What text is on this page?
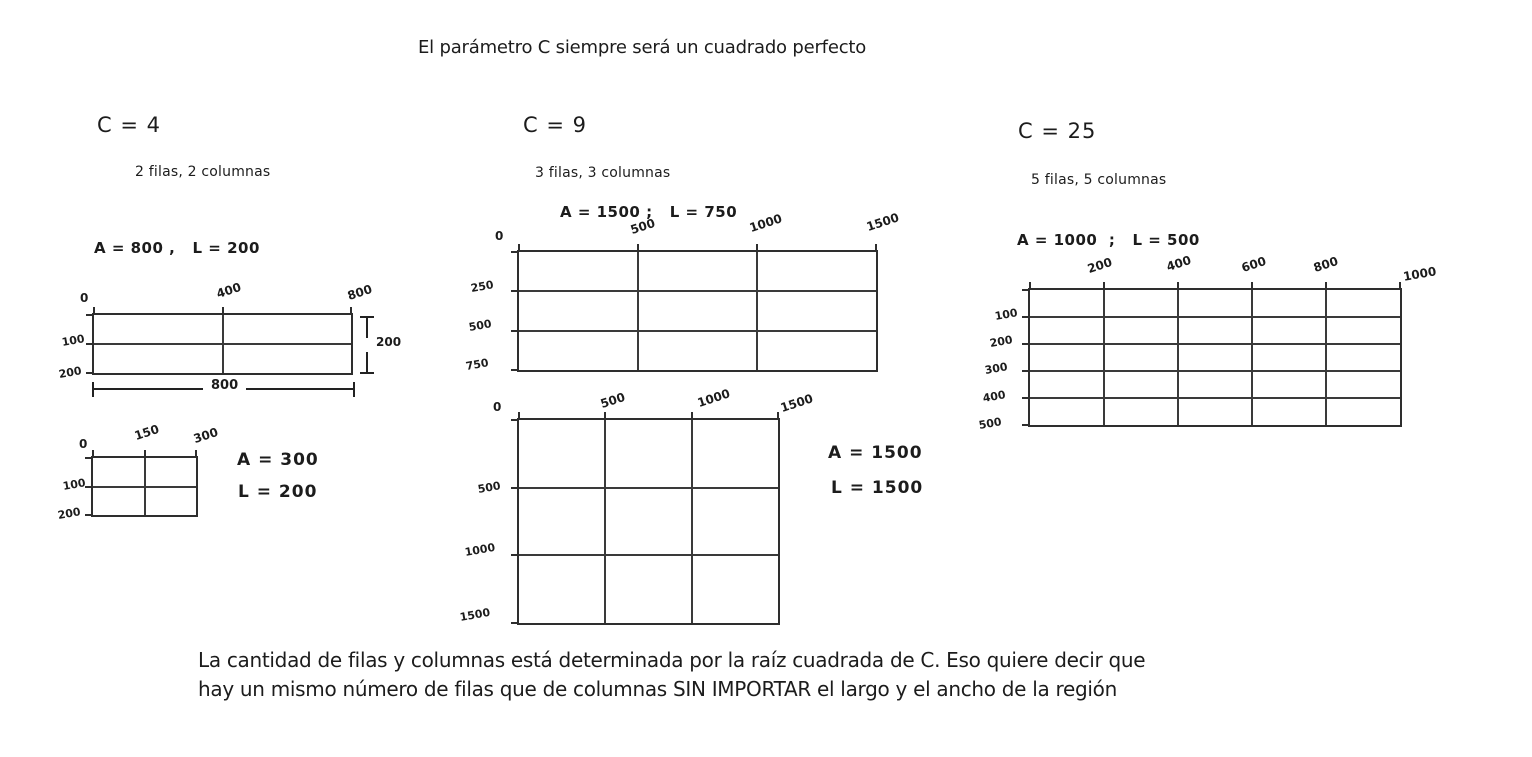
El parámetro C siempre será un cuadrado perfecto
C = 4
2 filas, 2 columnas
A = 800 ,   L = 200
0	400	800
100
200
200
800
0
150	300
100
200
A = 300
L = 200
C = 9
3 filas, 3 columnas
A = 1500 ;   L = 750
0	500	1000	1500
250
500
750
0	500	1000	1500
500
1000
1500
A = 1500
L = 1500
C = 25
5 filas, 5 columnas
A = 1000  ;   L = 500
200	400	600	800	1000
100
200
300
400
500
La cantidad de filas y columnas está determinada por la raíz cuadrada de C. Eso quiere decir que
hay un mismo número de filas que de columnas SIN IMPORTAR el largo y el ancho de la región
